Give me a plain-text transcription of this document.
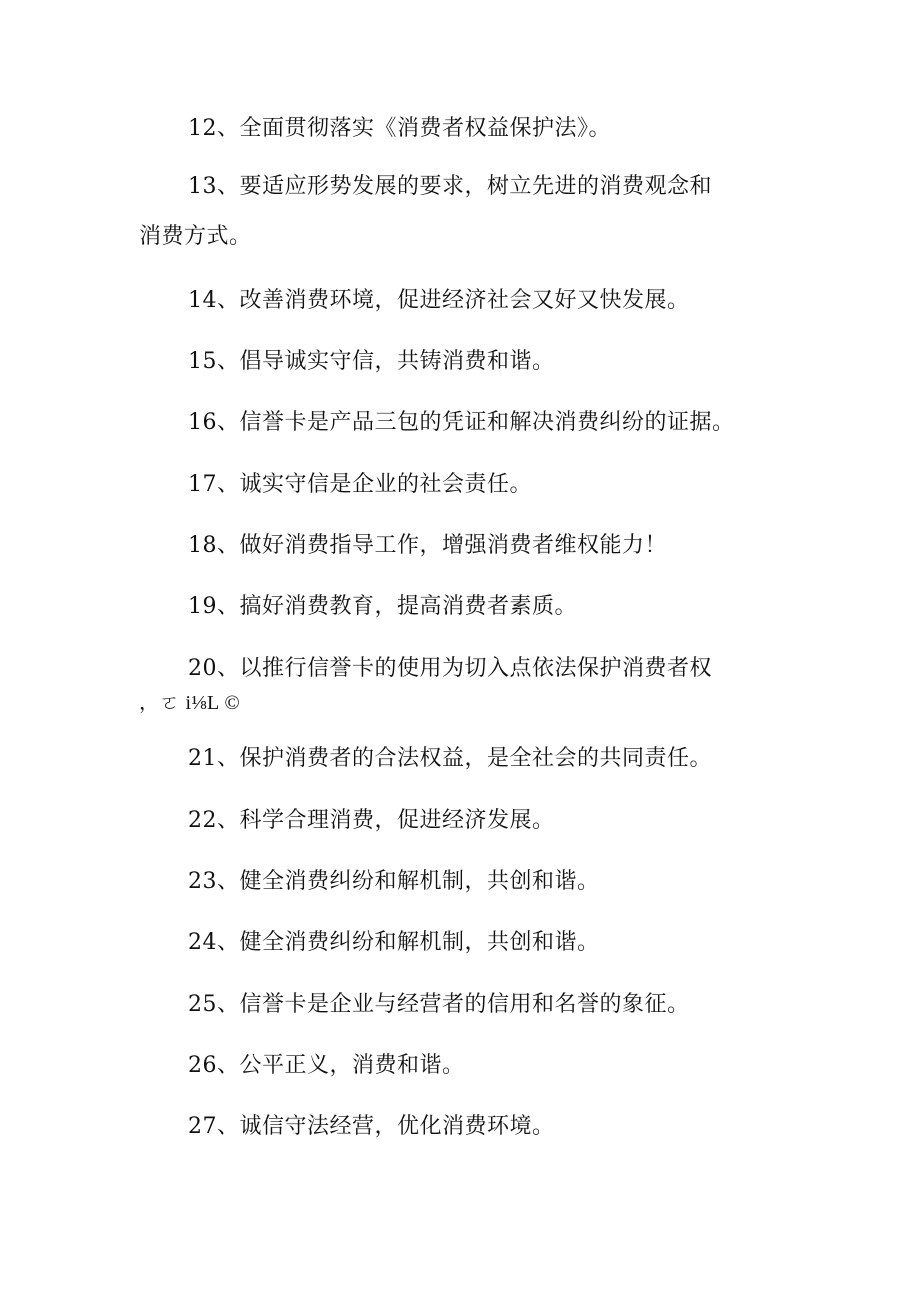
12、全面贯彻落实《消费者权益保护法》。
13、要适应形势发展的要求，树立先进的消费观念和
消费方式。
14、改善消费环境，促进经济社会又好又快发展。
15、倡导诚实守信，共铸消费和谐。
16、信誉卡是产品三包的凭证和解决消费纠纷的证据。
17、诚实守信是企业的社会责任。
18、做好消费指导工作，增强消费者维权能力！
19、搞好消费教育，提高消费者素质。
20、以推行信誉卡的使用为切入点依法保护消费者权
，ㄛ i⅛L ©
21、保护消费者的合法权益，是全社会的共同责任。
22、科学合理消费，促进经济发展。
23、健全消费纠纷和解机制，共创和谐。
24、健全消费纠纷和解机制，共创和谐。
25、信誉卡是企业与经营者的信用和名誉的象征。
26、公平正义，消费和谐。
27、诚信守法经营，优化消费环境。
